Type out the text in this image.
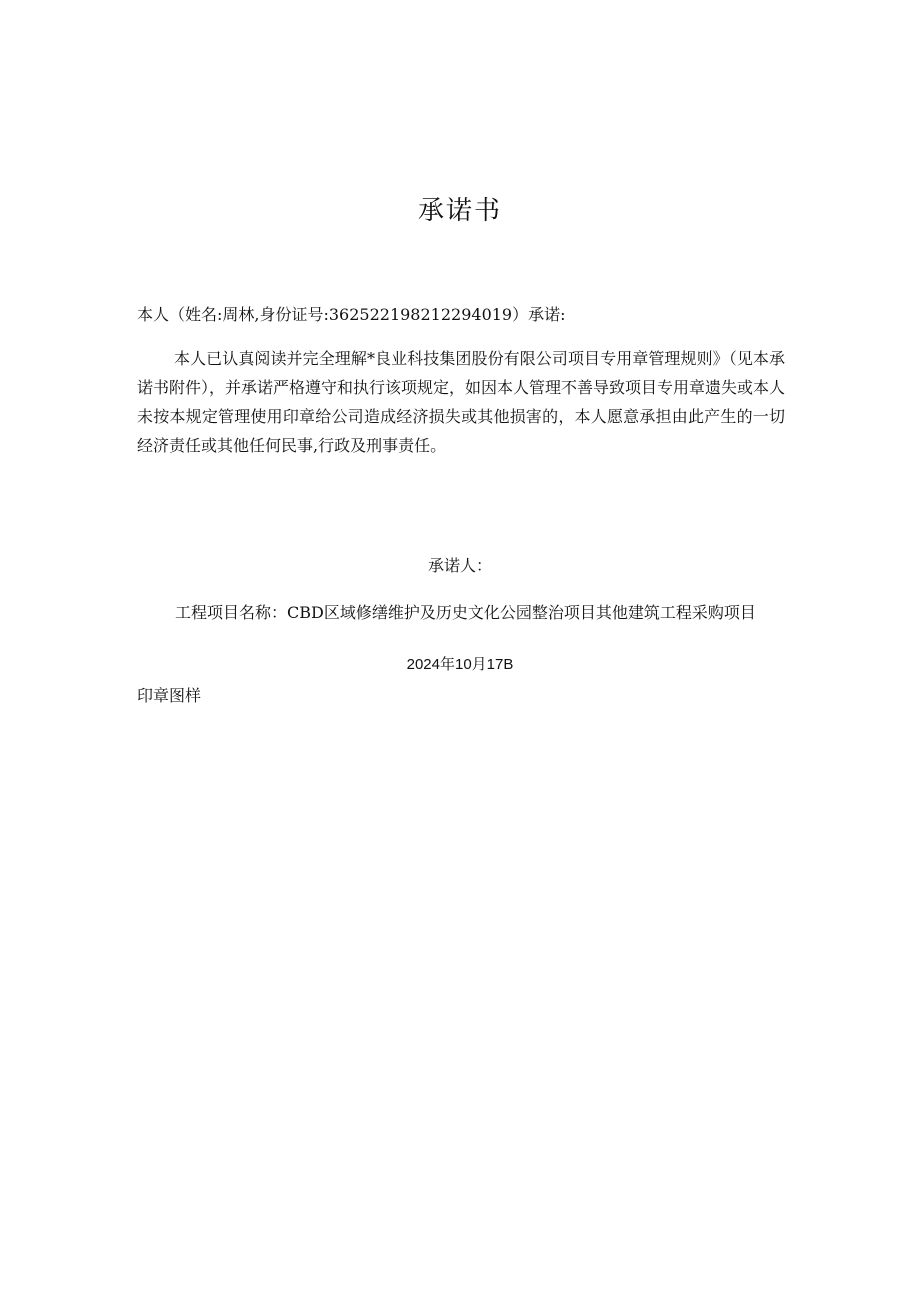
承诺书
本人（姓名:周林,身份证号:362522198212294019）承诺:

本人已认真阅读并完全理解*良业科技集团股份有限公司项目专用章管理规则》（见本承诺书附件），并承诺严格遵守和执行该项规定，如因本人管理不善导致项目专用章遗失或本人未按本规定管理使用印章给公司造成经济损失或其他损害的，本人愿意承担由此产生的一切经济责任或其他任何民事,行政及刑事责任。

承诺人：
工程项目名称：CBD区域修缮维护及历史文化公园整治项目其他建筑工程采购项目
2024年10月17B
印章图样
